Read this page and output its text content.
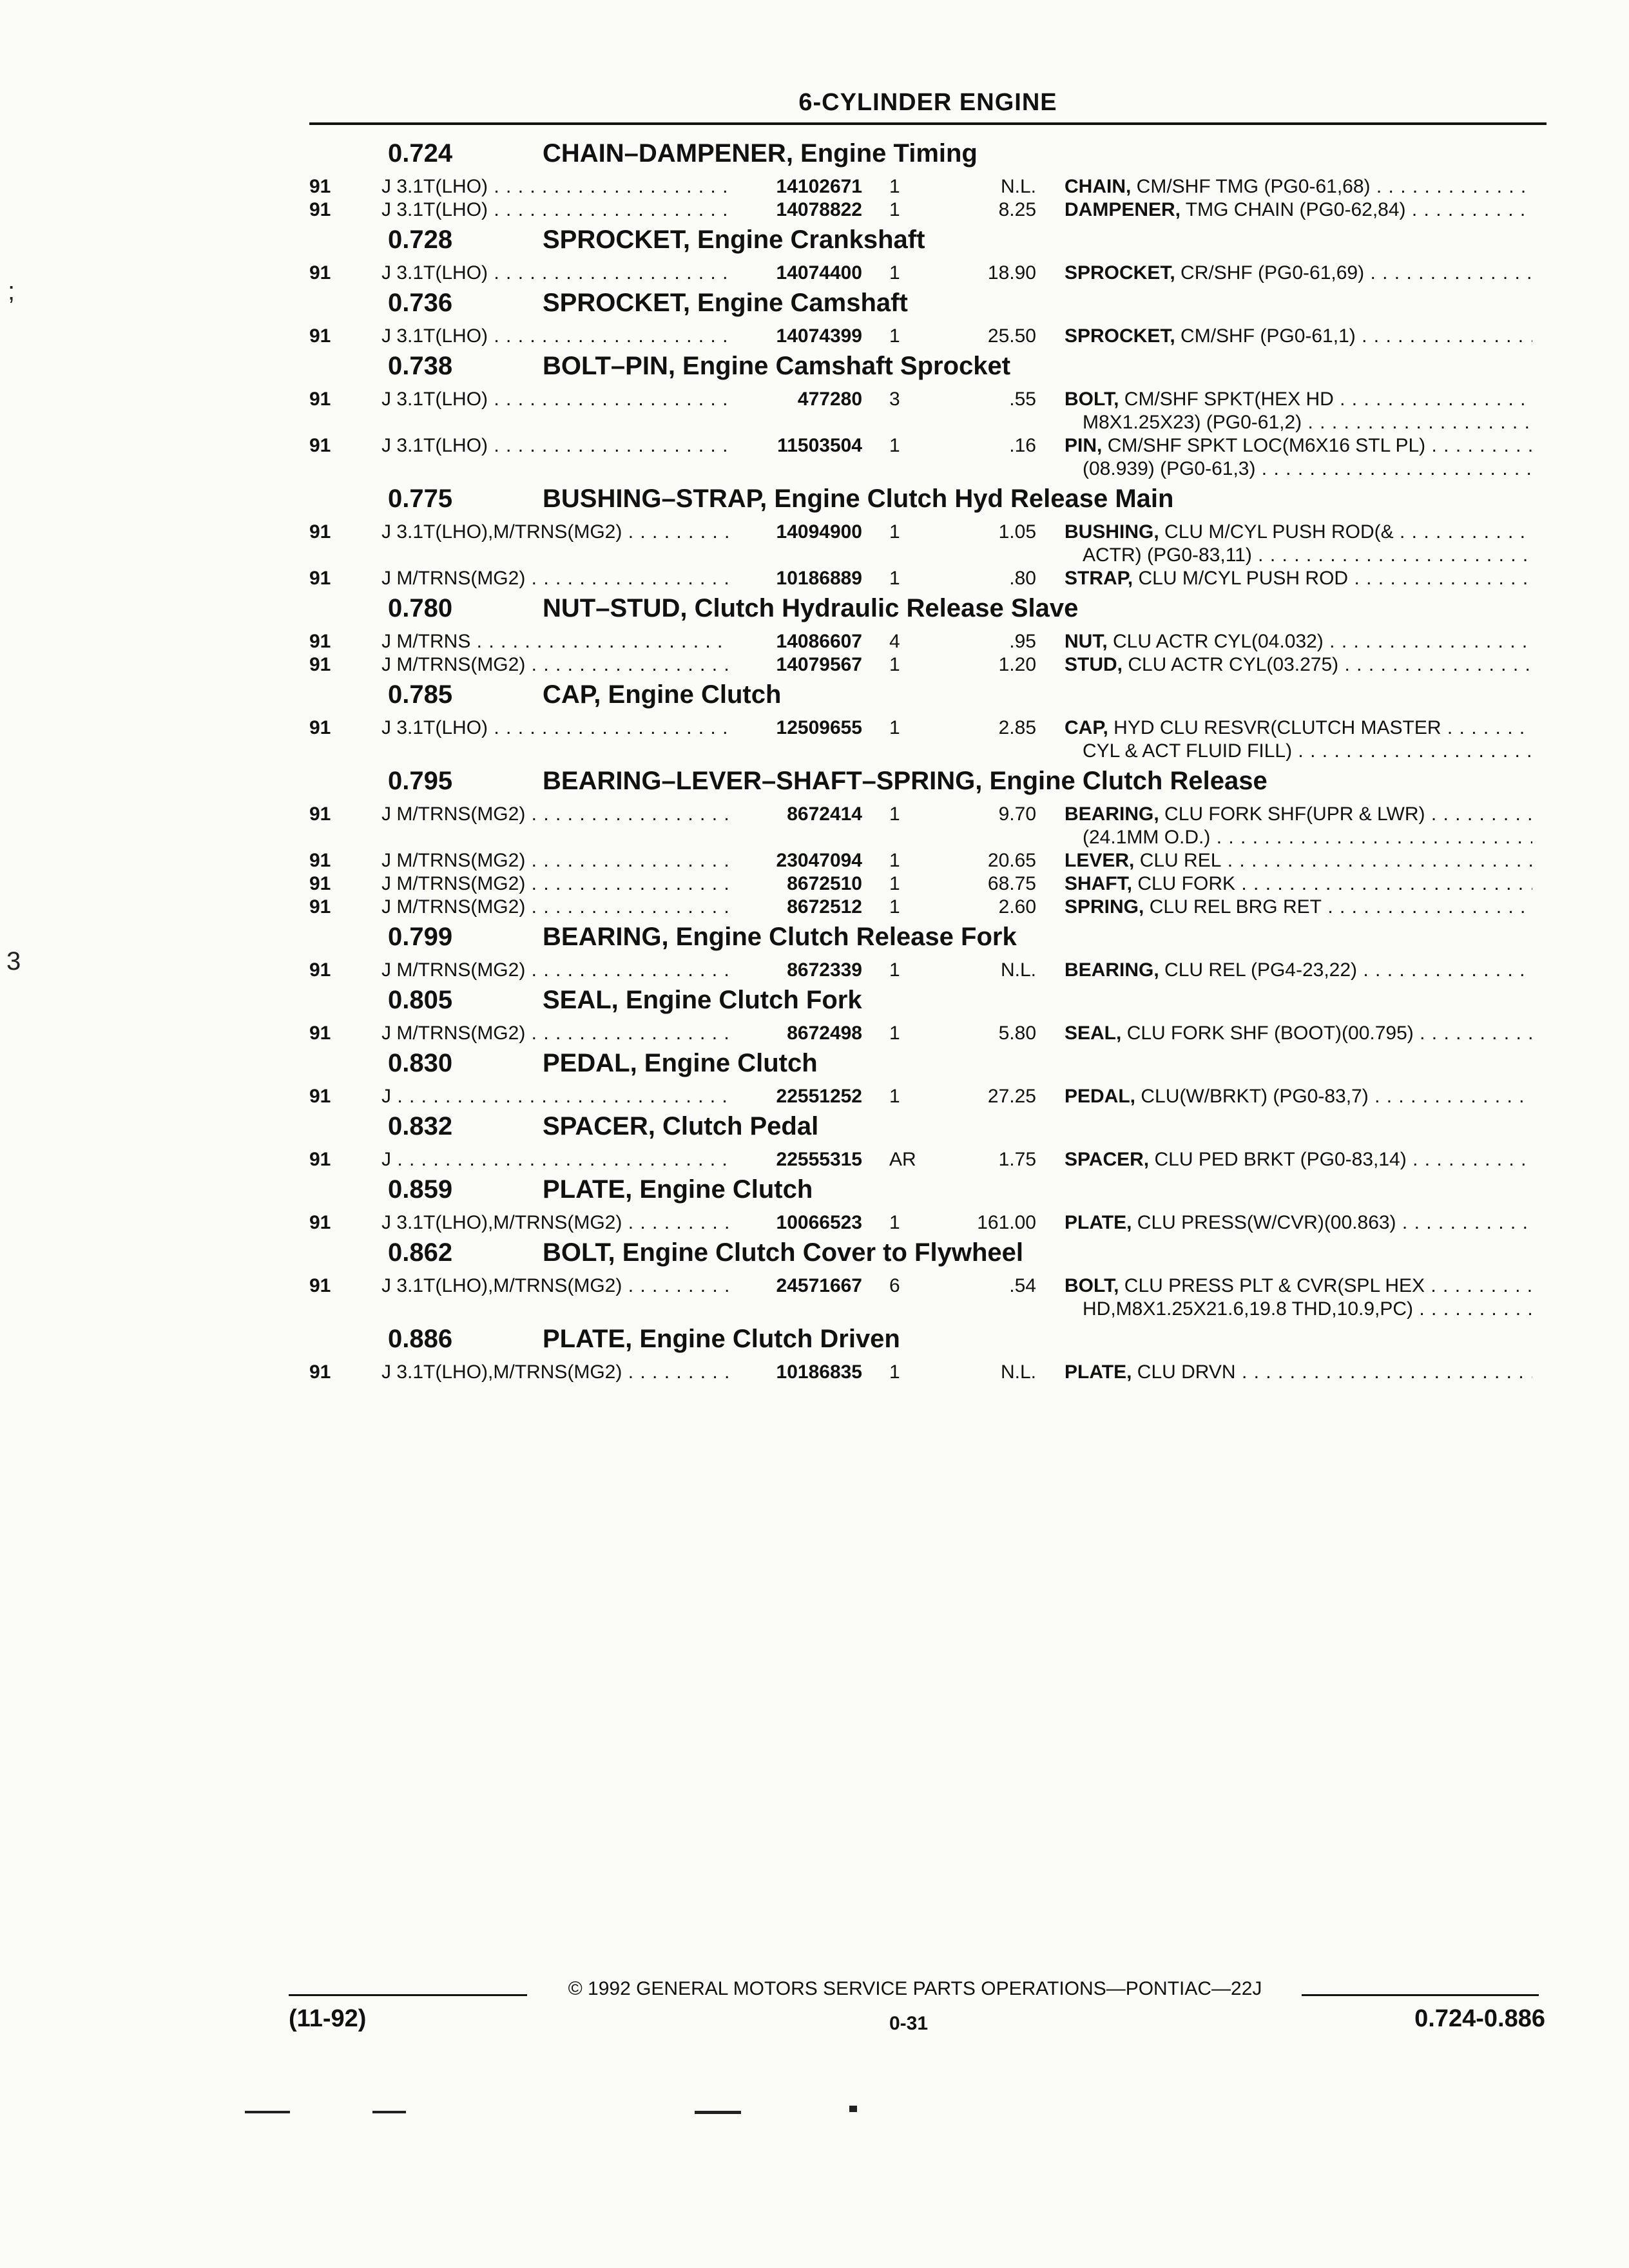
6-CYLINDER ENGINE
0.724	CHAIN–DAMPENER, Engine Timing
91	J 3.1T(LHO) . . .	14102671 1	N.L. CHAIN, CM/SHF TMG (PG0-61,68) . . .
91	J 3.1T(LHO) . . .	14078822 1	8.25 DAMPENER, TMG CHAIN (PG0-62,84) . . .
0.728	SPROCKET, Engine Crankshaft
91	J 3.1T(LHO) . . .	14074400 1	18.90 SPROCKET, CR/SHF (PG0-61,69) . . .
0.736	SPROCKET, Engine Camshaft
91	J 3.1T(LHO) . . .	14074399 1	25.50 SPROCKET, CM/SHF (PG0-61,1) . . .
0.738	BOLT–PIN, Engine Camshaft Sprocket
91	J 3.1T(LHO) . . .	477280 3	.55 BOLT, CM/SHF SPKT(HEX HD . . .
M8X1.25X23) (PG0-61,2) . . .
91	J 3.1T(LHO) . . .	11503504 1	.16 PIN, CM/SHF SPKT LOC(M6X16 STL PL) . . .
(08.939) (PG0-61,3) . . .
0.775	BUSHING–STRAP, Engine Clutch Hyd Release Main
91	J 3.1T(LHO),M/TRNS(MG2) . . .	14094900 1	1.05 BUSHING, CLU M/CYL PUSH ROD(& . . .
ACTR) (PG0-83,11) . . .
91	J M/TRNS(MG2) . . .	10186889 1	.80 STRAP, CLU M/CYL PUSH ROD . . .
0.780	NUT–STUD, Clutch Hydraulic Release Slave
91	J M/TRNS . . .	14086607 4	.95 NUT, CLU ACTR CYL(04.032) . . .
91	J M/TRNS(MG2) . . .	14079567 1	1.20 STUD, CLU ACTR CYL(03.275) . . .
0.785	CAP, Engine Clutch
91	J 3.1T(LHO) . . .	12509655 1	2.85 CAP, HYD CLU RESVR(CLUTCH MASTER . . .
CYL & ACT FLUID FILL) . . .
0.795	BEARING–LEVER–SHAFT–SPRING, Engine Clutch Release
91	J M/TRNS(MG2) . . .	8672414 1	9.70 BEARING, CLU FORK SHF(UPR & LWR) . . .
(24.1MM O.D.) . . .
91	J M/TRNS(MG2) . . .	23047094 1	20.65 LEVER, CLU REL . . .
91	J M/TRNS(MG2) . . .	8672510 1	68.75 SHAFT, CLU FORK . . .
91	J M/TRNS(MG2) . . .	8672512 1	2.60 SPRING, CLU REL BRG RET . . .
0.799	BEARING, Engine Clutch Release Fork
91	J M/TRNS(MG2) . . .	8672339 1	N.L. BEARING, CLU REL (PG4-23,22) . . .
0.805	SEAL, Engine Clutch Fork
91	J M/TRNS(MG2) . . .	8672498 1	5.80 SEAL, CLU FORK SHF (BOOT)(00.795) . . .
0.830	PEDAL, Engine Clutch
91	J . . .	22551252 1	27.25 PEDAL, CLU(W/BRKT) (PG0-83,7) . . .
0.832	SPACER, Clutch Pedal
91	J . . .	22555315 AR	1.75 SPACER, CLU PED BRKT (PG0-83,14) . . .
0.859	PLATE, Engine Clutch
91	J 3.1T(LHO),M/TRNS(MG2) . . .	10066523 1	161.00 PLATE, CLU PRESS(W/CVR)(00.863) . . .
0.862	BOLT, Engine Clutch Cover to Flywheel
91	J 3.1T(LHO),M/TRNS(MG2) . . .	24571667 6	.54 BOLT, CLU PRESS PLT & CVR(SPL HEX . . .
HD,M8X1.25X21.6,19.8 THD,10.9,PC) . . .
0.886	PLATE, Engine Clutch Driven
91	J 3.1T(LHO),M/TRNS(MG2) . . .	10186835 1	N.L. PLATE, CLU DRVN . . .
© 1992 GENERAL MOTORS SERVICE PARTS OPERATIONS—PONTIAC—22J
(11-92)	0-31	0.724-0.886
;
3
